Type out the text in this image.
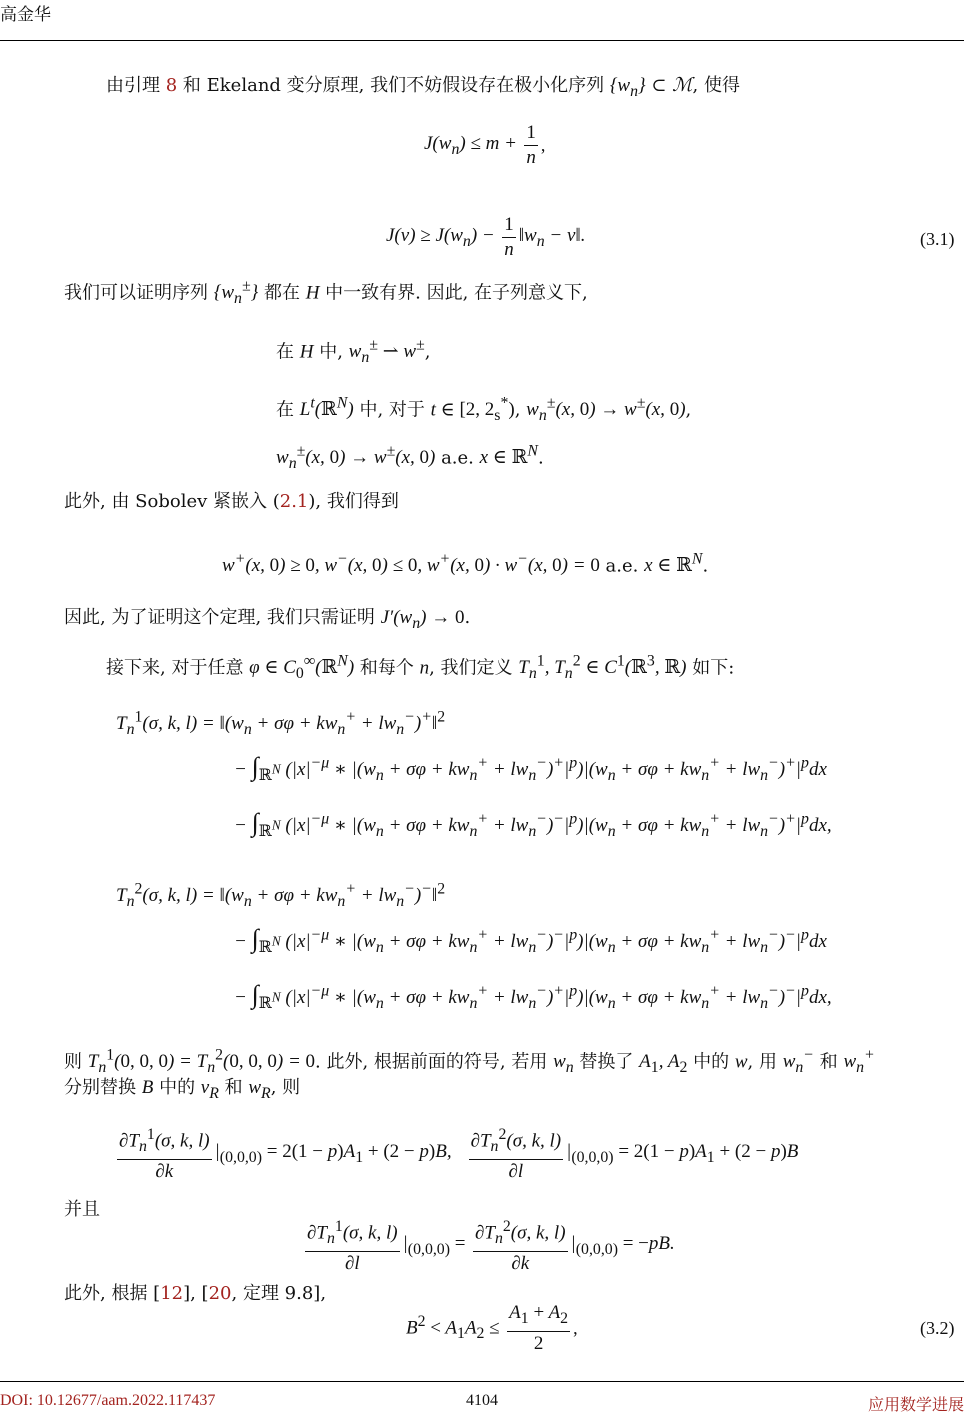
高金华
由引理 8 和 Ekeland 变分原理, 我们不妨假设存在极小化序列 $\{w_n\}$ ⊂ ℳ, 使得
$J(w_n) \le m + \frac{1}{n}$ ,
$J(v) \ge J(w_n) - \frac{1}{n}$ $‖w_n$ − v‖.	(3.1)
我们可以证明序列 $\{w_n^\pm\}$ 都在 H 中一致有界. 因此, 在子列意义下,
在 H 中, $w_n^\pm$ ⇀ w±,
在 $L^t(ℝ^N)$ 中, 对于 t ∈ [2, $2_s^*$), $w_n^\pm(x$, 0) → w±(x, 0),
$w_n^\pm(x$, 0) → w±(x, 0) a.e. x ∈ ℝ$^N$.
此外, 由 Sobolev 紧嵌入 (2.1), 我们得到
w+(x, 0) ≥ 0, w−(x, 0) ≤ 0, w+(x, 0) · w−(x, 0) = 0 a.e. x ∈ ℝ$^N$.
因此, 为了证明这个定理, 我们只需证明 $J'(w_n) \to 0$.
接下来, 对于任意 φ ∈ $C_0^\infty(ℝ^N)$ 和每个 n, 我们定义 $T_n^1$, $T_n^2$ ∈ $C^1(ℝ^3$, ℝ) 如下:
$T_n^1(\sigma$, k, $l) = ‖(w_n + \sigma\varphi + kw_n^+$ + $lw_n^-)^+‖^2$
− $\int_{ℝ^N}$ ($|x|^{-\mu}$ ∗ $|(w_n + \sigma\varphi + kw_n^+ + lw_n^-)^+|^p)|(w_n + \sigma\varphi + kw_n^+ + lw_n^-)^+|^pdx$
− $\int_{ℝ^N}$ ($|x|^{-\mu}$ ∗ $|(w_n + \sigma\varphi + kw_n^+ + lw_n^-)^-|^p)|(w_n + \sigma\varphi + kw_n^+ + lw_n^-)^+|^pdx$,
$T_n^2(\sigma$, k, $l) = ‖(w_n + \sigma\varphi + kw_n^+$ + $lw_n^-)^-‖^2$
− $\int_{ℝ^N}$ ($|x|^{-\mu}$ ∗ $|(w_n + \sigma\varphi + kw_n^+ + lw_n^-)^-|^p)|(w_n + \sigma\varphi + kw_n^+ + lw_n^-)^-|^pdx$
− $\int_{ℝ^N}$ ($|x|^{-\mu}$ ∗ $|(w_n + \sigma\varphi + kw_n^+ + lw_n^-)^+|^p)|(w_n + \sigma\varphi + kw_n^+ + lw_n^-)^-|^pdx$,
则 $T_n^1(0$, 0, $0) = T_n^2(0$, 0, 0) = 0. 此外, 根据前面的符号, 若用 $w_n$ 替换了 $A_1$, $A_2$ 中的 w, 用 $w_n^-$ 和 $w_n^+$
分别替换 B 中的 $v_R$ 和 $w_R$, 则
$\frac{\partial T_n^1(\sigma, k, l)}{\partial k} |_{(0,0,0)} = 2(1 - p)A_1 + (2 - p)B$, $\frac{\partial T_n^2(\sigma, k, l)}{\partial l} |_{(0,0,0)} = 2(1 - p)A_1 + (2 - p)B$
并且
$\frac{\partial T_n^1(\sigma, k, l)}{\partial l} |_{(0,0,0)} = \frac{\partial T_n^2(\sigma, k, l)}{\partial k} |_{(0,0,0)} = -pB$.
此外, 根据 [12], [20, 定理 9.8],
$B^2 < A_1A_2 \le \frac{A_1 + A_2}{2}$ ,	(3.2)
DOI: 10.12677/aam.2022.117437	4104	应用数学进展
